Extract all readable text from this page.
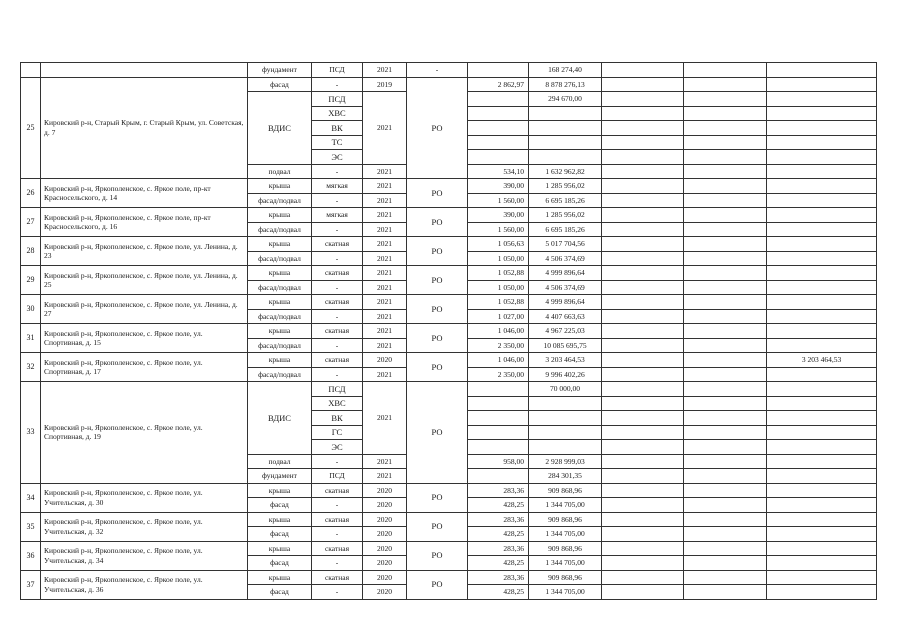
		фундамент	ПСД	2021	-		168 274,40				
25	Кировский р-н, Старый Крым, г. Старый Крым, ул. Советская, д. 7	фасад	-	2019	РО	2 862,97	8 878 276,13				
		ВДИС	ПСД	2021			294 670,00				
			ХВС								
			ВК								
			ТС								
			ЭС								
		подвал	-	2021		534,10	1 632 962,82				
26	Кировский р-н, Яркополенское, с. Яркое поле, пр-кт Красносельского, д. 14	крыша	мягкая	2021	РО	390,00	1 285 956,02				
		фасад/подвал	-	2021		1 560,00	6 695 185,26				
27	Кировский р-н, Яркополенское, с. Яркое поле, пр-кт Красносельского, д. 16	крыша	мягкая	2021	РО	390,00	1 285 956,02				
		фасад/подвал	-	2021		1 560,00	6 695 185,26				
28	Кировский р-н, Яркополенское, с. Яркое поле, ул. Ленина, д. 23	крыша	скатная	2021	РО	1 056,63	5 017 704,56				
		фасад/подвал	-	2021		1 050,00	4 506 374,69				
29	Кировский р-н, Яркополенское, с. Яркое поле, ул. Ленина, д. 25	крыша	скатная	2021	РО	1 052,88	4 999 896,64				
		фасад/подвал	-	2021		1 050,00	4 506 374,69				
30	Кировский р-н, Яркополенское, с. Яркое поле, ул. Ленина, д. 27	крыша	скатная	2021	РО	1 052,88	4 999 896,64				
		фасад/подвал	-	2021		1 027,00	4 407 663,63				
31	Кировский р-н, Яркополенское, с. Яркое поле, ул. Спортивная, д. 15	крыша	скатная	2021	РО	1 046,00	4 967 225,03				
		фасад/подвал	-	2021		2 350,00	10 085 695,75				
32	Кировский р-н, Яркополенское, с. Яркое поле, ул. Спортивная, д. 17	крыша	скатная	2020	РО	1 046,00	3 203 464,53			3 203 464,53	
		фасад/подвал	-	2021		2 350,00	9 996 402,26				
33	Кировский р-н, Яркополенское, с. Яркое поле, ул. Спортивная, д. 19	ВДИС	ПСД	2021	РО		70 000,00				
			ХВС								
			ВК								
			ГС								
			ЭС								
		подвал	-	2021		958,00	2 928 999,03				
		фундамент	ПСД	2021			284 301,35				
34	Кировский р-н, Яркополенское, с. Яркое поле, ул. Учительская, д. 30	крыша	скатная	2020	РО	283,36	909 868,96				
		фасад	-	2020		428,25	1 344 705,00				
35	Кировский р-н, Яркополенское, с. Яркое поле, ул. Учительская, д. 32	крыша	скатная	2020	РО	283,36	909 868,96				
		фасад	-	2020		428,25	1 344 705,00				
36	Кировский р-н, Яркополенское, с. Яркое поле, ул. Учительская, д. 34	крыша	скатная	2020	РО	283,36	909 868,96				
		фасад	-	2020		428,25	1 344 705,00				
37	Кировский р-н, Яркополенское, с. Яркое поле, ул. Учительская, д. 36	крыша	скатная	2020	РО	283,36	909 868,96				
		фасад	-	2020		428,25	1 344 705,00				
